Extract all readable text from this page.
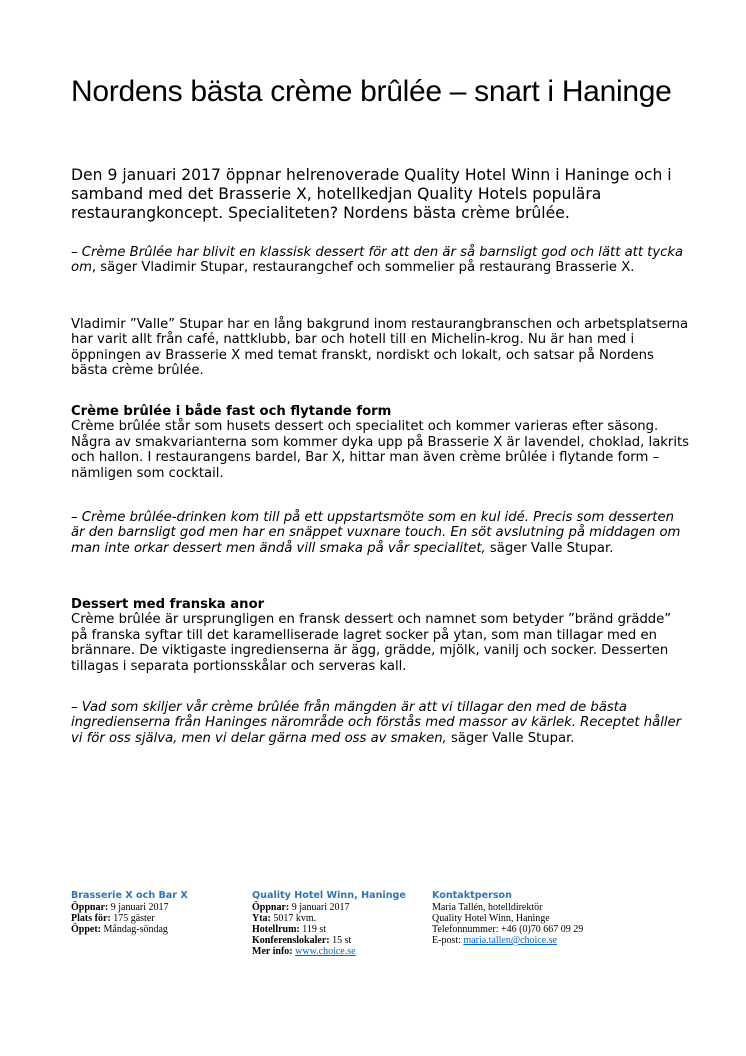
Nordens bästa crème brûlée – snart i Haninge

Den 9 januari 2017 öppnar helrenoverade Quality Hotel Winn i Haninge och i samband med det Brasserie X, hotellkedjan Quality Hotels populära restaurangkoncept. Specialiteten? Nordens bästa crème brûlée.

– Crème Brûlée har blivit en klassisk dessert för att den är så barnsligt god och lätt att tycka om, säger Vladimir Stupar, restaurangchef och sommelier på restaurang Brasserie X.

Vladimir ”Valle” Stupar har en lång bakgrund inom restaurangbranschen och arbetsplatserna har varit allt från café, nattklubb, bar och hotell till en Michelin-krog. Nu är han med i öppningen av Brasserie X med temat franskt, nordiskt och lokalt, och satsar på Nordens bästa crème brûlée.

Crème brûlée i både fast och flytande form
Crème brûlée står som husets dessert och specialitet och kommer varieras efter säsong. Några av smakvarianterna som kommer dyka upp på Brasserie X är lavendel, choklad, lakrits och hallon. I restaurangens bardel, Bar X, hittar man även crème brûlée i flytande form – nämligen som cocktail.

– Crème brûlée-drinken kom till på ett uppstartsmöte som en kul idé. Precis som desserten är den barnsligt god men har en snäppet vuxnare touch. En söt avslutning på middagen om man inte orkar dessert men ändå vill smaka på vår specialitet, säger Valle Stupar.

Dessert med franska anor
Crème brûlée är ursprungligen en fransk dessert och namnet som betyder ”bränd grädde” på franska syftar till det karamelliserade lagret socker på ytan, som man tillagar med en brännare. De viktigaste ingredienserna är ägg, grädde, mjölk, vanilj och socker. Desserten tillagas i separata portionsskålar och serveras kall.

– Vad som skiljer vår crème brûlée från mängden är att vi tillagar den med de bästa ingredienserna från Haninges närområde och förstås med massor av kärlek. Receptet håller vi för oss själva, men vi delar gärna med oss av smaken, säger Valle Stupar.

Brasserie X och Bar X
Öppnar: 9 januari 2017
Plats för: 175 gäster
Öppet: Måndag-söndag
Quality Hotel Winn, Haninge
Öppnar: 9 januari 2017
Yta: 5017 kvm.
Hotellrum: 119 st
Konferenslokaler: 15 st
Mer info: www.choice.se
Kontaktperson
Maria Tallén, hotelldirektör
Quality Hotel Winn, Haninge
Telefonnummer: +46 (0)70 667 09 29
E-post: maria.tallen@choice.se
